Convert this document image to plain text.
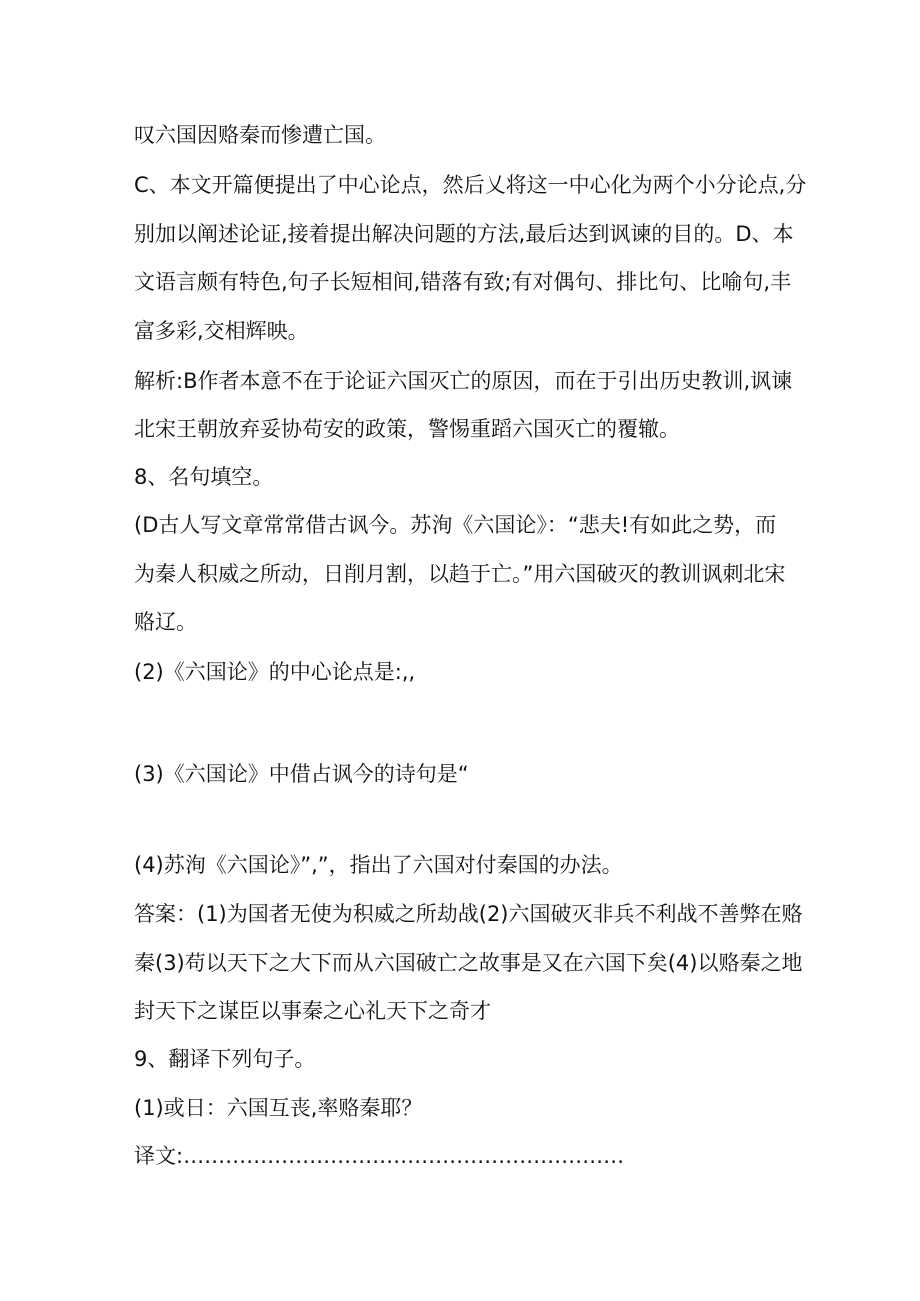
叹六国因赂秦而惨遭亡国。
C、本文开篇便提出了中心论点，然后乂将这一中心化为两个小分论点,分
别加以阐述论证,接着提出解决问题的方法,最后达到讽谏的目的。D、本
文语言颇有特色,句子长短相间,错落有致;有对偶句、排比句、比喻句,丰
富多彩,交相辉映。
解析:B作者本意不在于论证六国灭亡的原因，而在于引出历史教训,讽谏
北宋王朝放弃妥协苟安的政策，警惕重蹈六国灭亡的覆辙。
8、名句填空。
(D古人写文章常常借古讽今。苏洵《六国论》：“悲夫!有如此之势，而
为秦人积威之所动，日削月割，以趋于亡。”用六国破灭的教训讽刺北宋
赂辽。
(2)《六国论》的中心论点是:,,
(3)《六国论》中借占讽今的诗句是“
(4)苏洵《六国论》”,”，指出了六国对付秦国的办法。
答案：(1)为国者无使为积威之所劫战(2)六国破灭非兵不利战不善弊在赂
秦(3)苟以天下之大下而从六国破亡之故事是又在六国下矣(4)以赂秦之地
封天下之谋臣以事秦之心礼天下之奇才
9、翻译下列句子。
(1)或日：六国互丧,率赂秦耶？
译文:………………………………………………………
